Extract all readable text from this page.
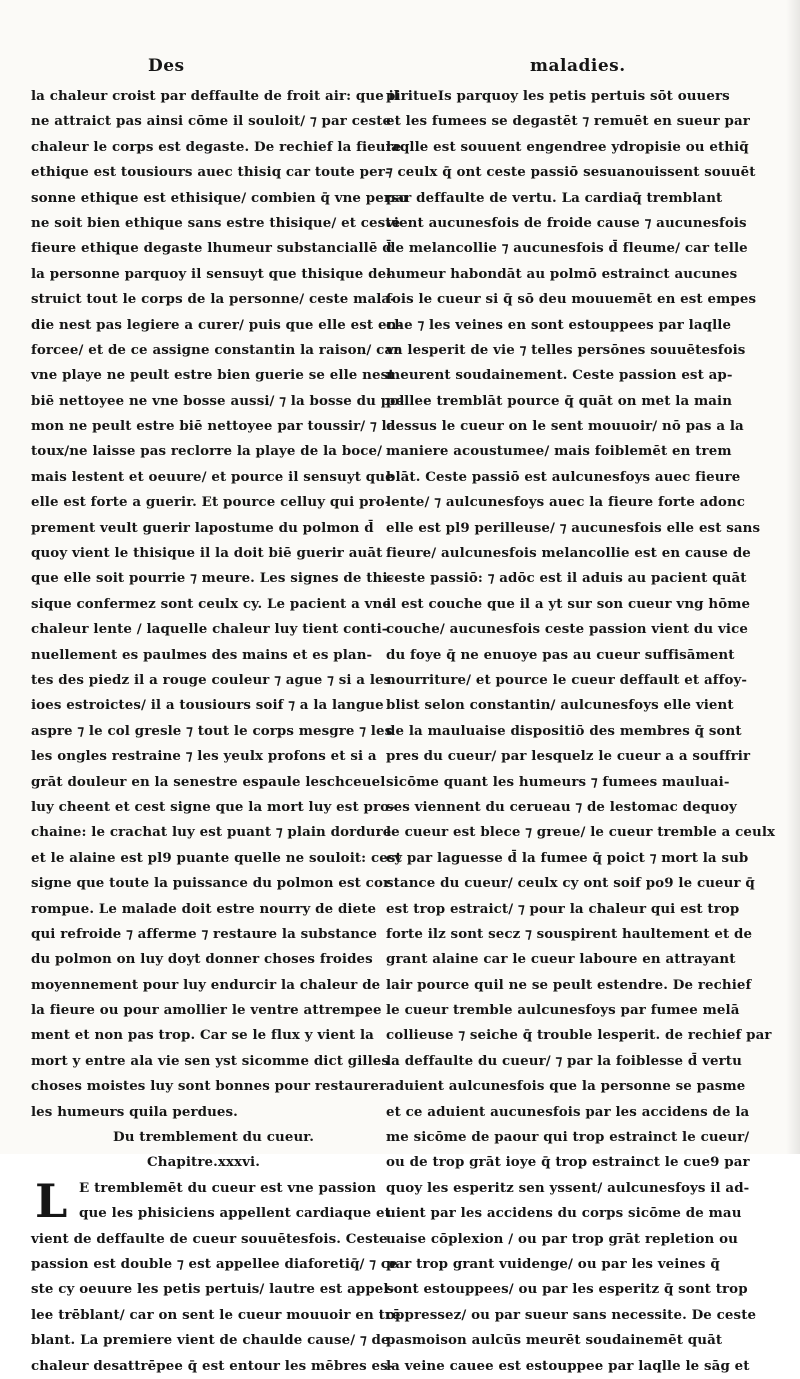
Des	maladies.
la chaleur croist par deffaulte de froit air: que il
ne attraict pas ainsi cōme il souloit/ ⁊ par ceste
chaleur le corps est degaste. De rechief la fieure
ethique est tousiours auec thisiq car toute per-
sonne ethique est ethisique/ combien q̄ vne perso
ne soit bien ethique sans estre thisique/ et ceste
fieure ethique degaste lhumeur substanciallē d̄
la personne parquoy il sensuyt que thisique de-
struict tout le corps de la personne/ ceste mala-
die nest pas legiere a curer/ puis que elle est en-
forcee/ et de ce assigne constantin la raison/ car
vne playe ne peult estre bien guerie se elle nest
biē nettoyee ne vne bosse aussi/ ⁊ la bosse du pol
mon ne peult estre biē nettoyee par toussir/ ⁊ la
toux/ne laisse pas reclorre la playe de la boce/
mais lestent et oeuure/ et pource il sensuyt que
elle est forte a guerir. Et pource celluy qui pro-
prement veult guerir lapostume du polmon d̄
quoy vient le thisique il la doit biē guerir auāt
que elle soit pourrie ⁊ meure. Les signes de thi-
sique confermez sont ceulx cy. Le pacient a vne
chaleur lente / laquelle chaleur luy tient conti-
nuellement es paulmes des mains et es plan-
tes des piedz il a rouge couleur ⁊ ague ⁊ si a les
ioes estroictes/ il a tousiours soif ⁊ a la langue
aspre ⁊ le col gresle ⁊ tout le corps mesgre ⁊ les
les ongles restraine ⁊ les yeulx profons et si a
grāt douleur en la senestre espaule leschceuel
luy cheent et cest signe que la mort luy est pro-
chaine: le crachat luy est puant ⁊ plain dordure
et le alaine est pl9 puante quelle ne souloit: cest
signe que toute la puissance du polmon est cor
rompue. Le malade doit estre nourry de diete
qui refroide ⁊ afferme ⁊ restaure la substance
du polmon on luy doyt donner choses froides
moyennement pour luy endurcir la chaleur de
la fieure ou pour amollier le ventre attrempee
ment et non pas trop. Car se le flux y vient la
mort y entre ala vie sen yst sicomme dict gilles
choses moistes luy sont bonnes pour restaurer
les humeurs quila perdues.
Du tremblement du cueur.
Chapitre.xxxvi.
L E tremblemēt du cueur est vne passion
que les phisiciens appellent cardiaque et
vient de deffaulte de cueur souuētesfois. Ceste
passion est double ⁊ est appellee diaforetiq̄/ ⁊ ce
ste cy oeuure les petis pertuis/ lautre est appel-
lee trēblant/ car on sent le cueur mouuoir en trē
blant. La premiere vient de chaulde cause/ ⁊ de
chaleur desattrēpee q̄ est entour les mēbres es-
piritueIs parquoy les petis pertuis sōt ouuers
et les fumees se degastēt ⁊ remuēt en sueur par
laqlle est souuent engendree ydropisie ou ethiq̄
⁊ ceulx q̄ ont ceste passiō sesuanouissent souuēt
par deffaulte de vertu. La cardiaq̄ tremblant
vient aucunesfois de froide cause ⁊ aucunesfois
de melancollie ⁊ aucunesfois d̄ fleume/ car telle
humeur habondāt au polmō estrainct aucunes
fois le cueur si q̄ sō deu mouuemēt en est empes
che ⁊ les veines en sont estouppees par laqlle
va lesperit de vie ⁊ telles persōnes souuētesfois
meurent soudainement. Ceste passion est ap-
pellee tremblāt pource q̄ quāt on met la main
dessus le cueur on le sent mouuoir/ nō pas a la
maniere acoustumee/ mais foiblemēt en trem
blāt. Ceste passiō est aulcunesfoys auec fieure
lente/ ⁊ aulcunesfoys auec la fieure forte adonc
elle est pl9 perilleuse/ ⁊ aucunesfois elle est sans
fieure/ aulcunesfois melancollie est en cause de
ceste passiō: ⁊ adōc est il aduis au pacient quāt
il est couche que il a yt sur son cueur vng hōme
couche/ aucunesfois ceste passion vient du vice
du foye q̄ ne enuoye pas au cueur suffisāment
nourriture/ et pource le cueur deffault et affoy-
blist selon constantin/ aulcunesfoys elle vient
de la mauluaise dispositiō des membres q̄ sont
pres du cueur/ par lesquelz le cueur a a souffrir
sicōme quant les humeurs ⁊ fumees mauluai-
ses viennent du cerueau ⁊ de lestomac dequoy
le cueur est blece ⁊ greue/ le cueur tremble a ceulx
cy par laguesse d̄ la fumee q̄ poict ⁊ mort la sub
stance du cueur/ ceulx cy ont soif po9 le cueur q̄
est trop estraict/ ⁊ pour la chaleur qui est trop
forte ilz sont secz ⁊ souspirent haultement et de
grant alaine car le cueur laboure en attrayant
lair pource quil ne se peult estendre. De rechief
le cueur tremble aulcunesfoys par fumee melā
collieuse ⁊ seiche q̄ trouble lesperit. de rechief par
la deffaulte du cueur/ ⁊ par la foiblesse d̄ vertu
aduient aulcunesfois que la personne se pasme
et ce aduient aucunesfois par les accidens de la
me sicōme de paour qui trop estrainct le cueur/
ou de trop grāt ioye q̄ trop estrainct le cue9 par
quoy les esperitz sen yssent/ aulcunesfoys il ad-
uient par les accidens du corps sicōme de mau
uaise cōplexion / ou par trop grāt repletion ou
par trop grant vuidenge/ ou par les veines q̄
sont estouppees/ ou par les esperitz q̄ sont trop
oppressez/ ou par sueur sans necessite. De ceste
pasmoison aulcūs meurēt soudainemēt quāt
la veine cauee est estouppee par laqlle le sāg et
